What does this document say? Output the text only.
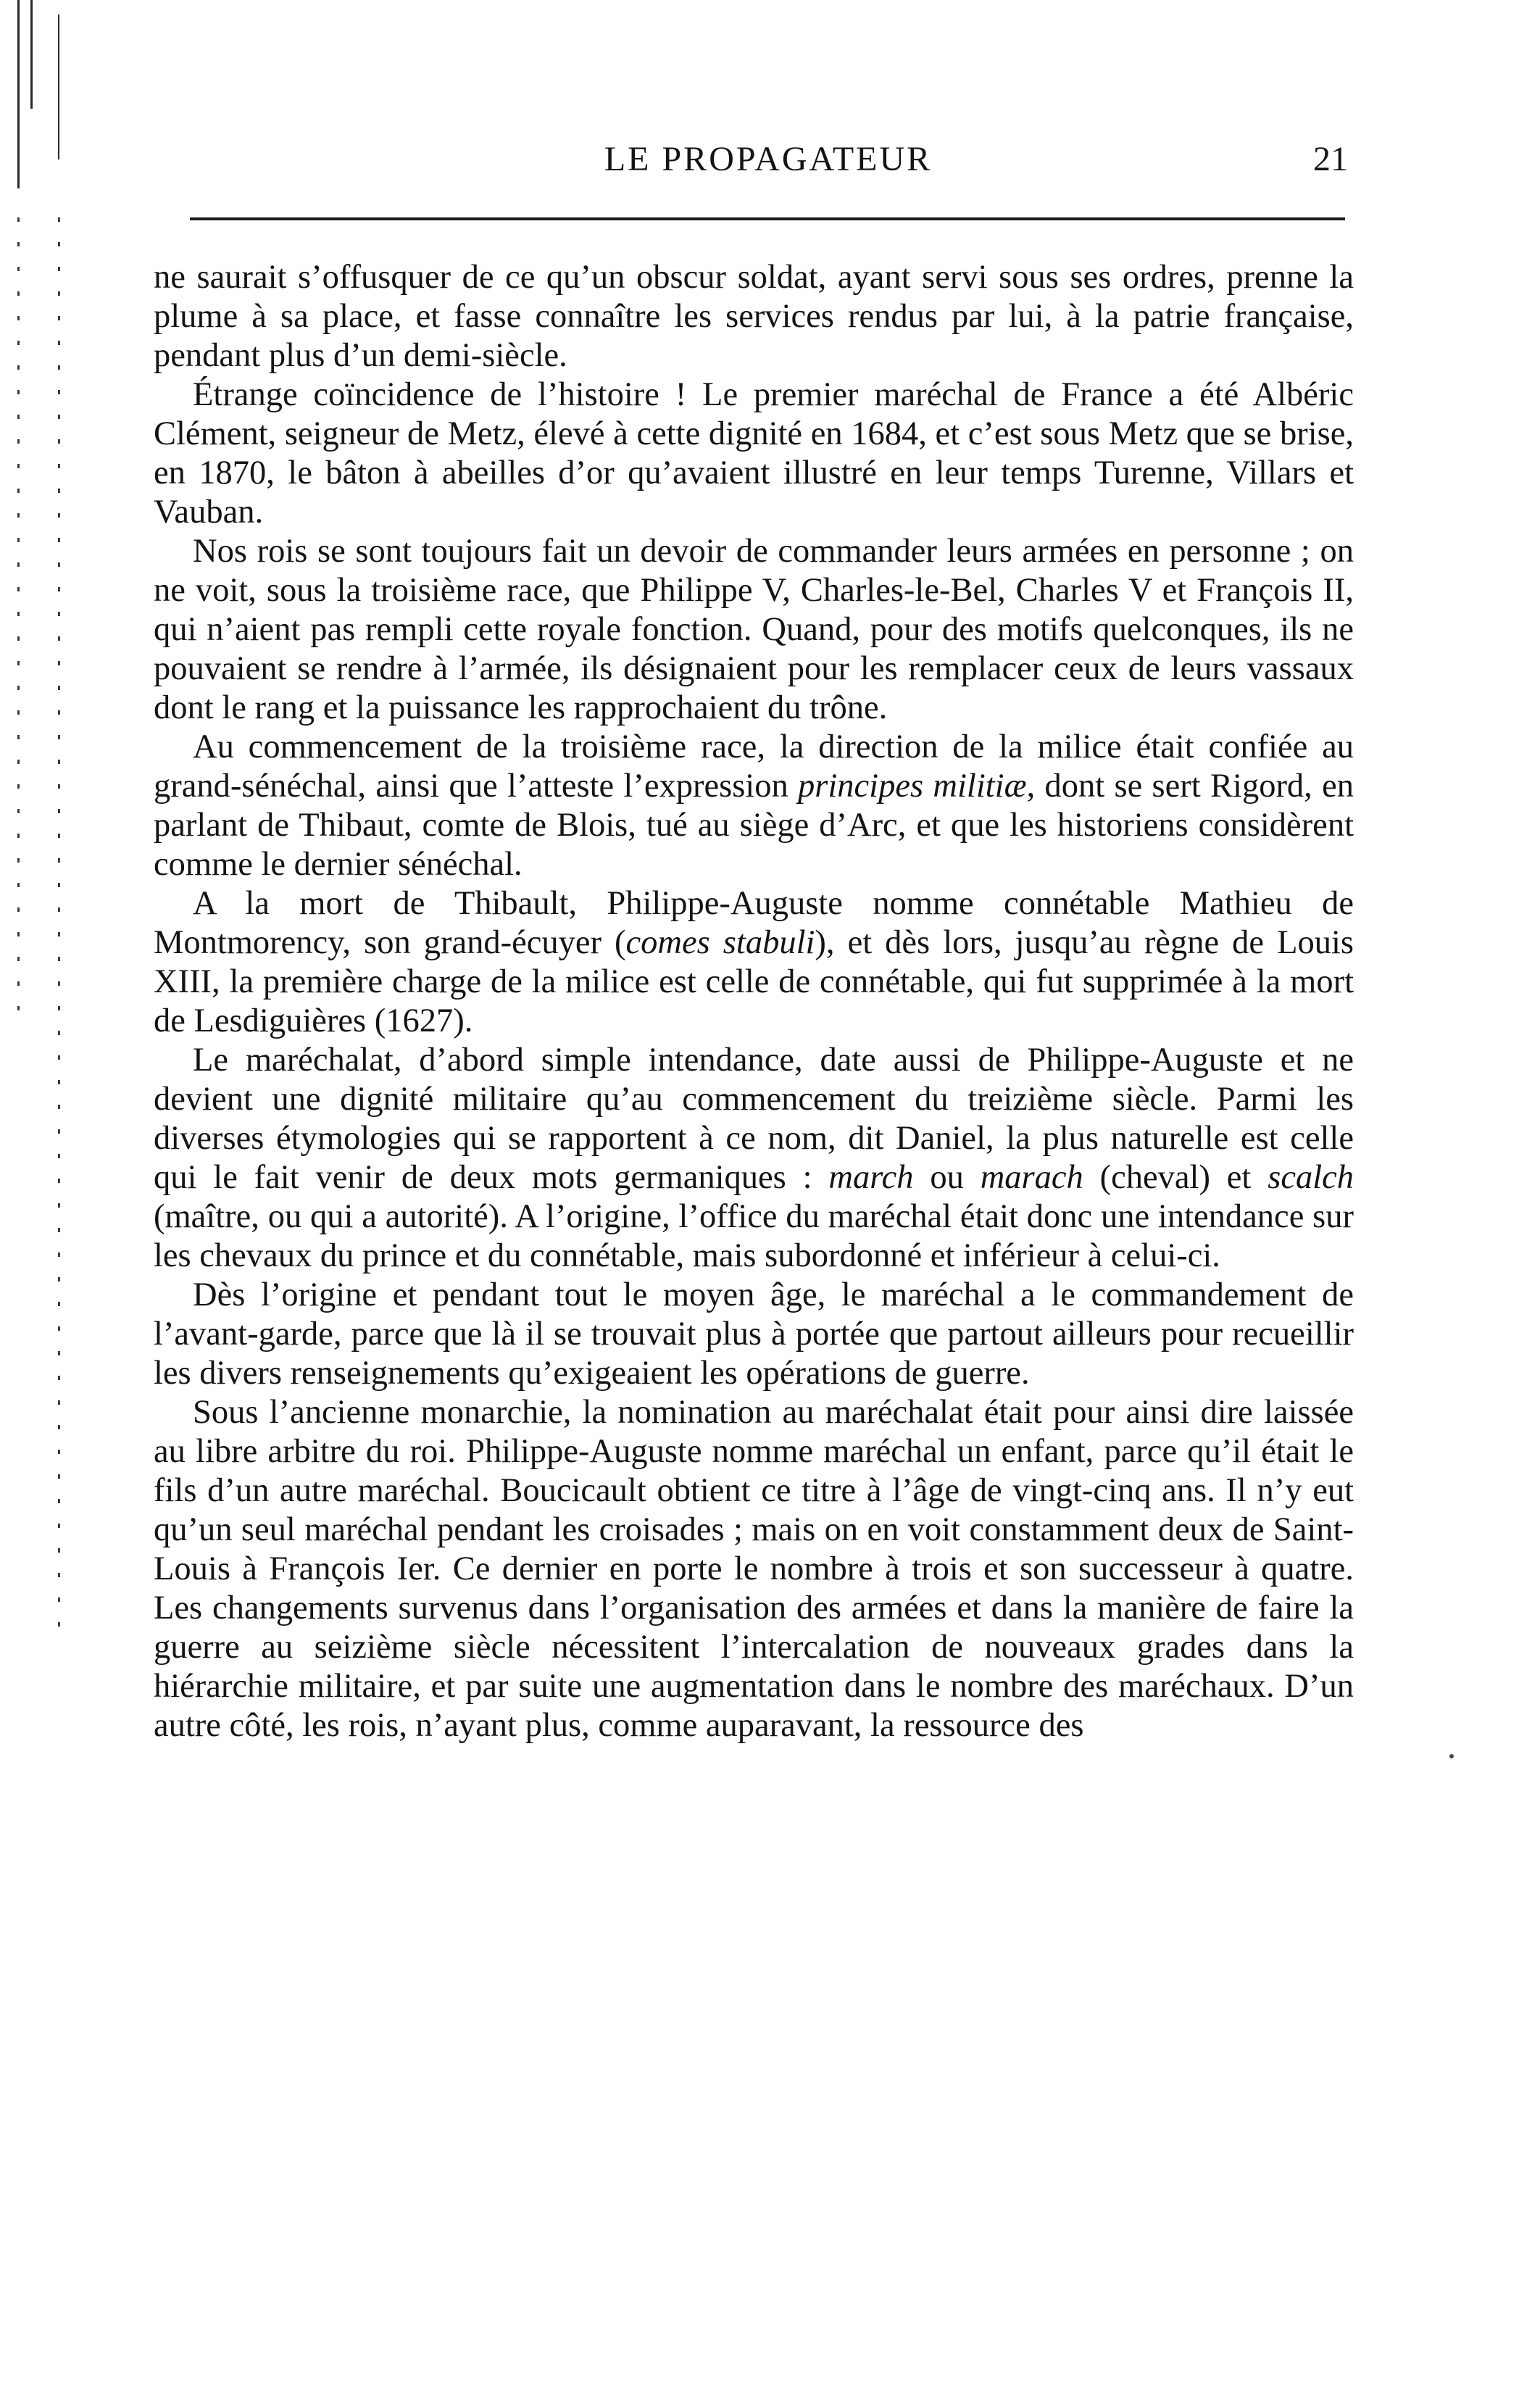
LE PROPAGATEUR	21

ne saurait s’offusquer de ce qu’un obscur soldat, ayant servi sous ses ordres, prenne la plume à sa place, et fasse connaître les services rendus par lui, à la patrie française, pendant plus d’un demi-siècle.

Étrange coïncidence de l’histoire ! Le premier maréchal de France a été Albéric Clément, seigneur de Metz, élevé à cette dignité en 1684, et c’est sous Metz que se brise, en 1870, le bâton à abeilles d’or qu’avaient illustré en leur temps Turenne, Villars et Vauban.

Nos rois se sont toujours fait un devoir de commander leurs armées en personne ; on ne voit, sous la troisième race, que Philippe V, Charles-le-Bel, Charles V et François II, qui n’aient pas rempli cette royale fonction. Quand, pour des motifs quelconques, ils ne pouvaient se rendre à l’armée, ils désignaient pour les remplacer ceux de leurs vassaux dont le rang et la puissance les rapprochaient du trône.

Au commencement de la troisième race, la direction de la milice était confiée au grand-sénéchal, ainsi que l’atteste l’expression principes militiæ, dont se sert Rigord, en parlant de Thibaut, comte de Blois, tué au siège d’Arc, et que les historiens considèrent comme le dernier sénéchal.

A la mort de Thibault, Philippe-Auguste nomme connétable Mathieu de Montmorency, son grand-écuyer (comes stabuli), et dès lors, jusqu’au règne de Louis XIII, la première charge de la milice est celle de connétable, qui fut supprimée à la mort de Lesdiguières (1627).

Le maréchalat, d’abord simple intendance, date aussi de Philippe-Auguste et ne devient une dignité militaire qu’au commencement du treizième siècle. Parmi les diverses étymologies qui se rapportent à ce nom, dit Daniel, la plus naturelle est celle qui le fait venir de deux mots germaniques : march ou marach (cheval) et scalch (maître, ou qui a autorité). A l’origine, l’office du maréchal était donc une intendance sur les chevaux du prince et du connétable, mais subordonné et inférieur à celui-ci.

Dès l’origine et pendant tout le moyen âge, le maréchal a le commandement de l’avant-garde, parce que là il se trouvait plus à portée que partout ailleurs pour recueillir les divers renseignements qu’exigeaient les opérations de guerre.

Sous l’ancienne monarchie, la nomination au maréchalat était pour ainsi dire laissée au libre arbitre du roi. Philippe-Auguste nomme maréchal un enfant, parce qu’il était le fils d’un autre maréchal. Boucicault obtient ce titre à l’âge de vingt-cinq ans. Il n’y eut qu’un seul maréchal pendant les croisades ; mais on en voit constamment deux de Saint-Louis à François Ier. Ce dernier en porte le nombre à trois et son successeur à quatre. Les changements survenus dans l’organisation des armées et dans la manière de faire la guerre au seizième siècle nécessitent l’intercalation de nouveaux grades dans la hiérarchie militaire, et par suite une augmentation dans le nombre des maréchaux. D’un autre côté, les rois, n’ayant plus, comme auparavant, la ressource des
